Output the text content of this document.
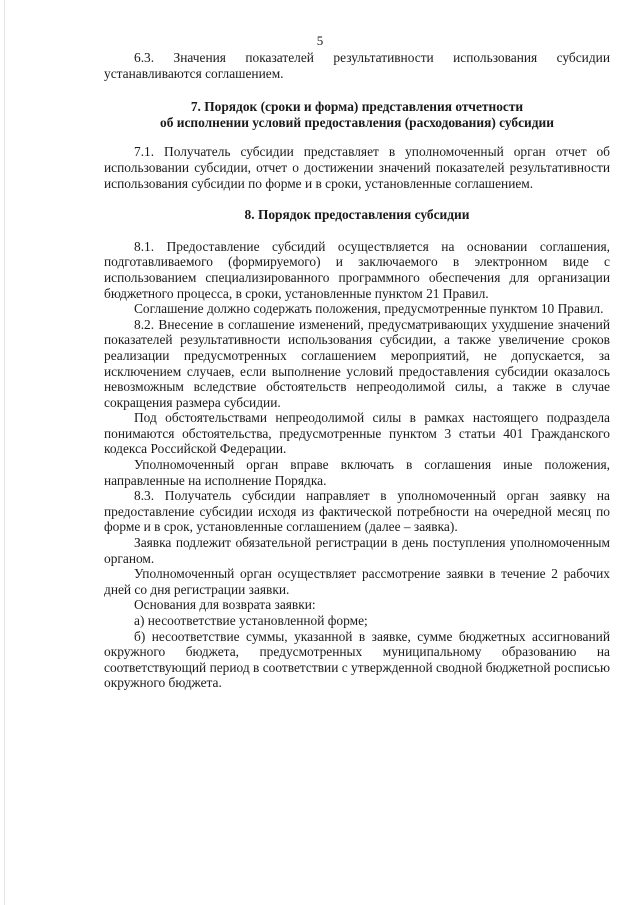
5

6.3. Значения показателей результативности использования субсидии устанавливаются соглашением.

7. Порядок (сроки и форма) представления отчетности

об исполнении условий предоставления (расходования) субсидии

7.1. Получатель субсидии представляет в уполномоченный орган отчет об использовании субсидии, отчет о достижении значений показателей результативности использования субсидии по форме и в сроки, установленные соглашением.

8. Порядок предоставления субсидии

8.1. Предоставление субсидий осуществляется на основании соглашения, подготавливаемого (формируемого) и заключаемого в электронном виде с использованием специализированного программного обеспечения для организации бюджетного процесса, в сроки, установленные пунктом 21 Правил.

Соглашение должно содержать положения, предусмотренные пунктом 10 Правил.

8.2. Внесение в соглашение изменений, предусматривающих ухудшение значений показателей результативности использования субсидии, а также увеличение сроков реализации предусмотренных соглашением мероприятий, не допускается, за исключением случаев, если выполнение условий предоставления субсидии оказалось невозможным вследствие обстоятельств непреодолимой силы, а также в случае сокращения размера субсидии.

Под обстоятельствами непреодолимой силы в рамках настоящего подраздела понимаются обстоятельства, предусмотренные пунктом 3 статьи 401 Гражданского кодекса Российской Федерации.

Уполномоченный орган вправе включать в соглашения иные положения, направленные на исполнение Порядка.

8.3. Получатель субсидии направляет в уполномоченный орган заявку на предоставление субсидии исходя из фактической потребности на очередной месяц по форме и в срок, установленные соглашением (далее – заявка).

Заявка подлежит обязательной регистрации в день поступления уполномоченным органом.

Уполномоченный орган осуществляет рассмотрение заявки в течение 2 рабочих дней со дня регистрации заявки.

Основания для возврата заявки:

а) несоответствие установленной форме;

б) несоответствие суммы, указанной в заявке, сумме бюджетных ассигнований окружного бюджета, предусмотренных муниципальному образованию на соответствующий период в соответствии с утвержденной сводной бюджетной росписью окружного бюджета.
